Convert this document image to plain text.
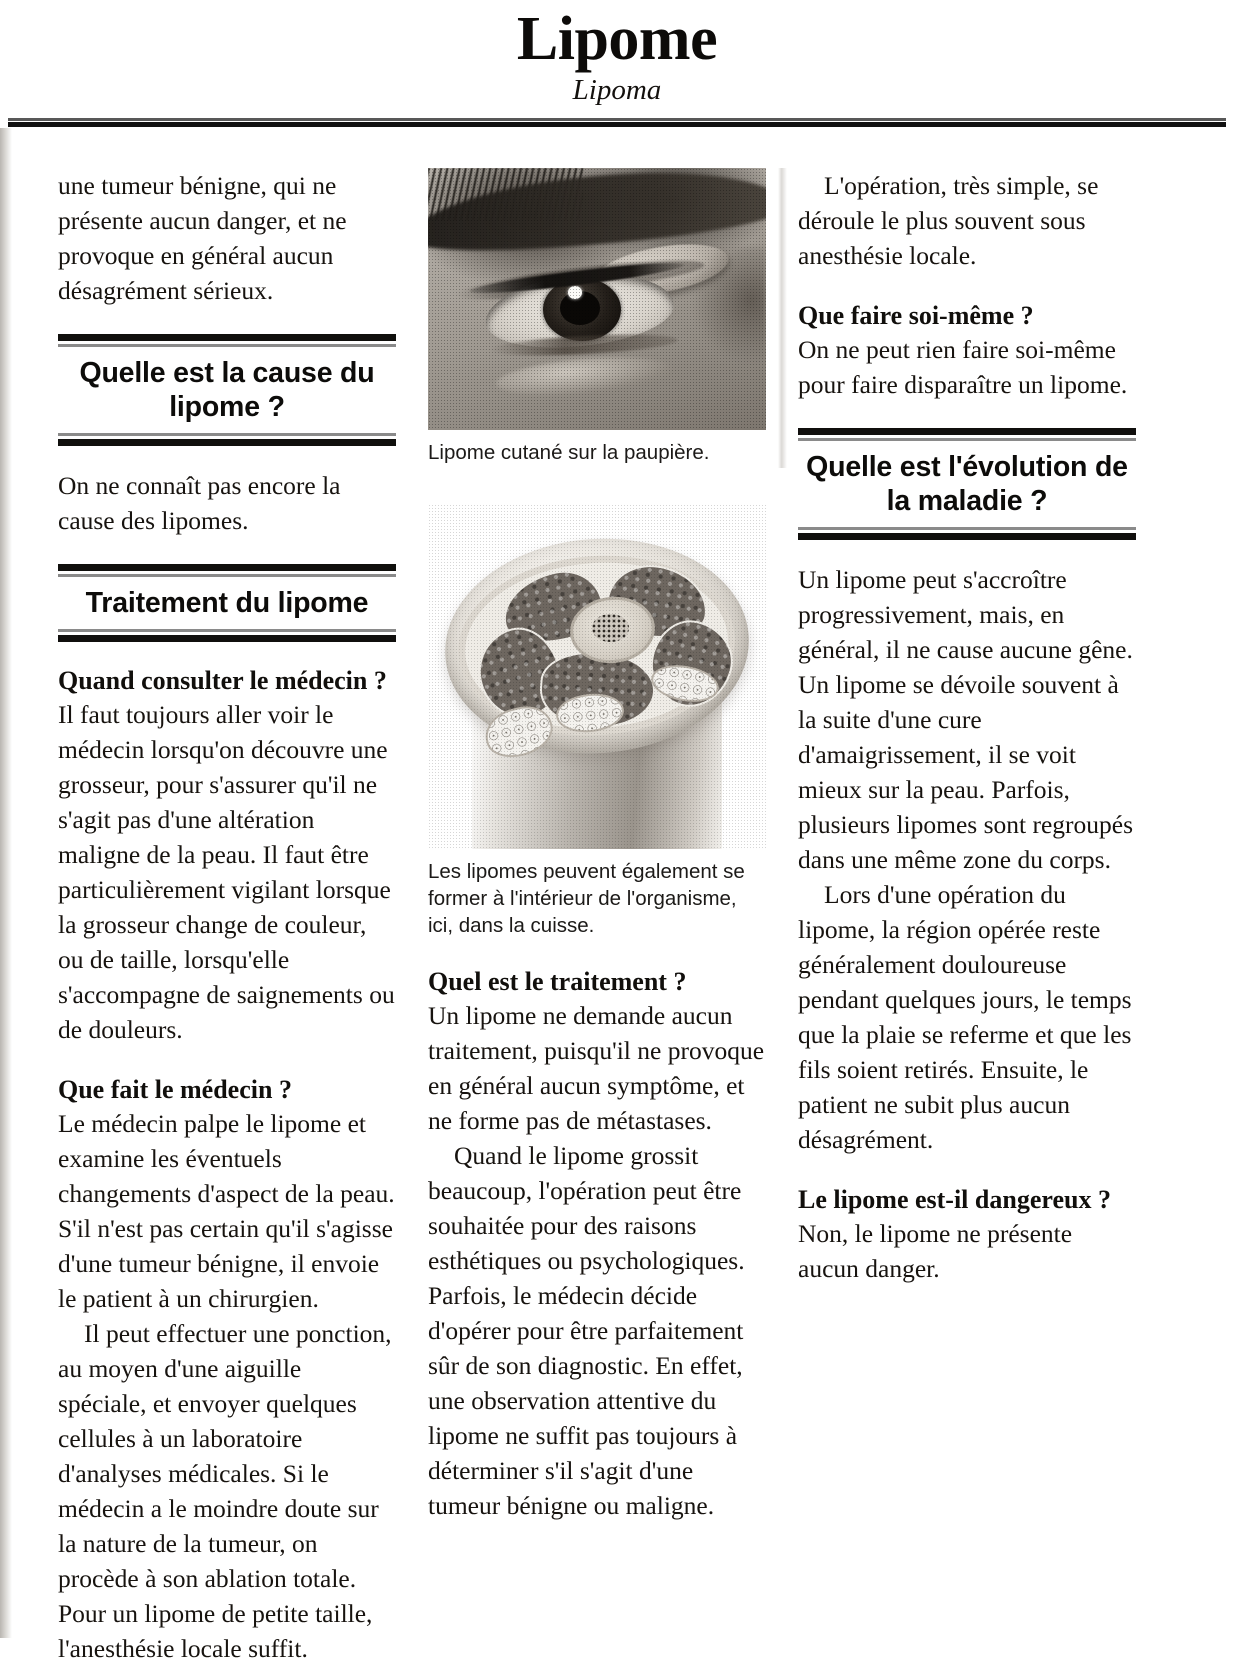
Lipome
Lipoma

une tumeur bénigne, qui ne présente aucun danger, et ne provoque en général aucun désagrément sérieux.

Quelle est la cause du lipome ?

On ne connaît pas encore la cause des lipomes.

Traitement du lipome
Quand consulter le médecin ?

Il faut toujours aller voir le médecin lorsqu'on découvre une grosseur, pour s'assurer qu'il ne s'agit pas d'une altération maligne de la peau. Il faut être particulièrement vigilant lorsque la grosseur change de couleur, ou de taille, lorsqu'elle s'accompagne de saignements ou de douleurs.

Que fait le médecin ?

Le médecin palpe le lipome et examine les éventuels changements d'aspect de la peau. S'il n'est pas certain qu'il s'agisse d'une tumeur bénigne, il envoie le patient à un chirurgien.

Il peut effectuer une ponction, au moyen d'une aiguille spéciale, et envoyer quelques cellules à un laboratoire d'analyses médicales. Si le médecin a le moindre doute sur la nature de la tumeur, on procède à son ablation totale. Pour un lipome de petite taille, l'anesthésie locale suffit.

Lipome cutané sur la paupière.
Les lipomes peuvent également se former à l'intérieur de l'organisme, ici, dans la cuisse.
Quel est le traitement ?

Un lipome ne demande aucun traitement, puisqu'il ne provoque en général aucun symptôme, et ne forme pas de métastases.

Quand le lipome grossit beaucoup, l'opération peut être souhaitée pour des raisons esthétiques ou psychologiques. Parfois, le médecin décide d'opérer pour être parfaitement sûr de son diagnostic. En effet, une observation attentive du lipome ne suffit pas toujours à déterminer s'il s'agit d'une tumeur bénigne ou maligne.

L'opération, très simple, se déroule le plus souvent sous anesthésie locale.

Que faire soi-même ?

On ne peut rien faire soi-même pour faire disparaître un lipome.

Quelle est l'évolution de la maladie ?

Un lipome peut s'accroître progressivement, mais, en général, il ne cause aucune gêne. Un lipome se dévoile souvent à la suite d'une cure d'amaigrissement, il se voit mieux sur la peau. Parfois, plusieurs lipomes sont regroupés dans une même zone du corps.

Lors d'une opération du lipome, la région opérée reste généralement douloureuse pendant quelques jours, le temps que la plaie se referme et que les fils soient retirés. Ensuite, le patient ne subit plus aucun désagrément.

Le lipome est-il dangereux ?

Non, le lipome ne présente aucun danger.
